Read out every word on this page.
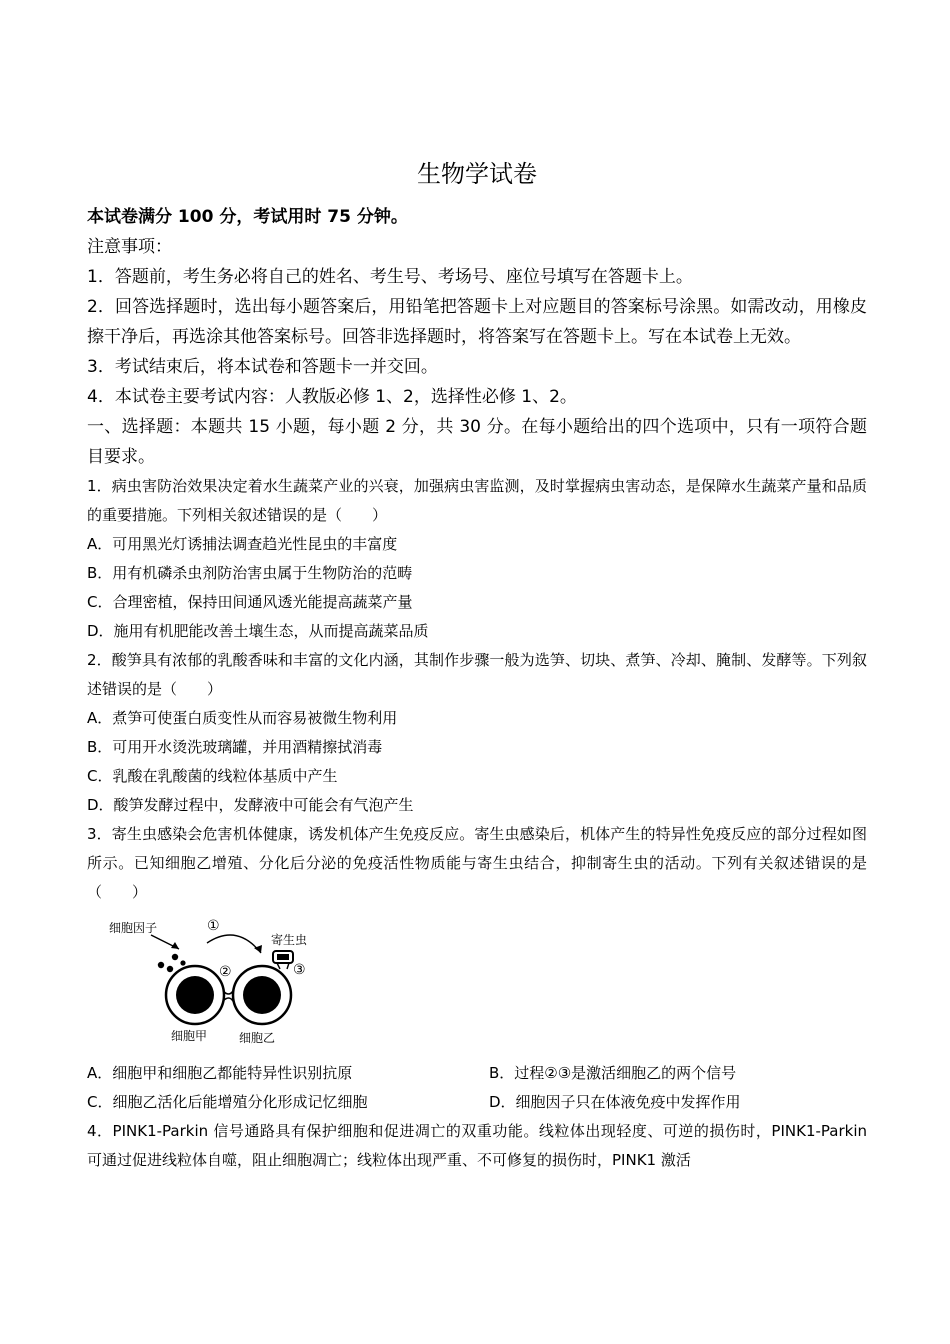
生物学试卷

本试卷满分 100 分，考试用时 75 分钟。

注意事项：

1．答题前，考生务必将自己的姓名、考生号、考场号、座位号填写在答题卡上。

2．回答选择题时，选出每小题答案后，用铅笔把答题卡上对应题目的答案标号涂黑。如需改动，用橡皮擦干净后，再选涂其他答案标号。回答非选择题时，将答案写在答题卡上。写在本试卷上无效。

3．考试结束后，将本试卷和答题卡一并交回。

4．本试卷主要考试内容：人教版必修 1、2，选择性必修 1、2。

一、选择题：本题共 15 小题，每小题 2 分，共 30 分。在每小题给出的四个选项中，只有一项符合题目要求。

1．病虫害防治效果决定着水生蔬菜产业的兴衰，加强病虫害监测，及时掌握病虫害动态，是保障水生蔬菜产量和品质的重要措施。下列相关叙述错误的是（　　）

A．可用黑光灯诱捕法调查趋光性昆虫的丰富度

B．用有机磷杀虫剂防治害虫属于生物防治的范畴

C．合理密植，保持田间通风透光能提高蔬菜产量

D．施用有机肥能改善土壤生态，从而提高蔬菜品质

2．酸笋具有浓郁的乳酸香味和丰富的文化内涵，其制作步骤一般为选笋、切块、煮笋、冷却、腌制、发酵等。下列叙述错误的是（　　）

A．煮笋可使蛋白质变性从而容易被微生物利用

B．可用开水烫洗玻璃罐，并用酒精擦拭消毒

C．乳酸在乳酸菌的线粒体基质中产生

D．酸笋发酵过程中，发酵液中可能会有气泡产生

3．寄生虫感染会危害机体健康，诱发机体产生免疫反应。寄生虫感染后，机体产生的特异性免疫反应的部分过程如图所示。已知细胞乙增殖、分化后分泌的免疫活性物质能与寄生虫结合，抑制寄生虫的活动。下列有关叙述错误的是（　　）

细胞因子	①
寄生虫
②	③
细胞甲	细胞乙

A．细胞甲和细胞乙都能特异性识别抗原	B．过程②③是激活细胞乙的两个信号

C．细胞乙活化后能增殖分化形成记忆细胞	D．细胞因子只在体液免疫中发挥作用

4．PINK1-Parkin 信号通路具有保护细胞和促进凋亡的双重功能。线粒体出现轻度、可逆的损伤时，PINK1-Parkin 可通过促进线粒体自噬，阻止细胞凋亡；线粒体出现严重、不可修复的损伤时，PINK1 激活
